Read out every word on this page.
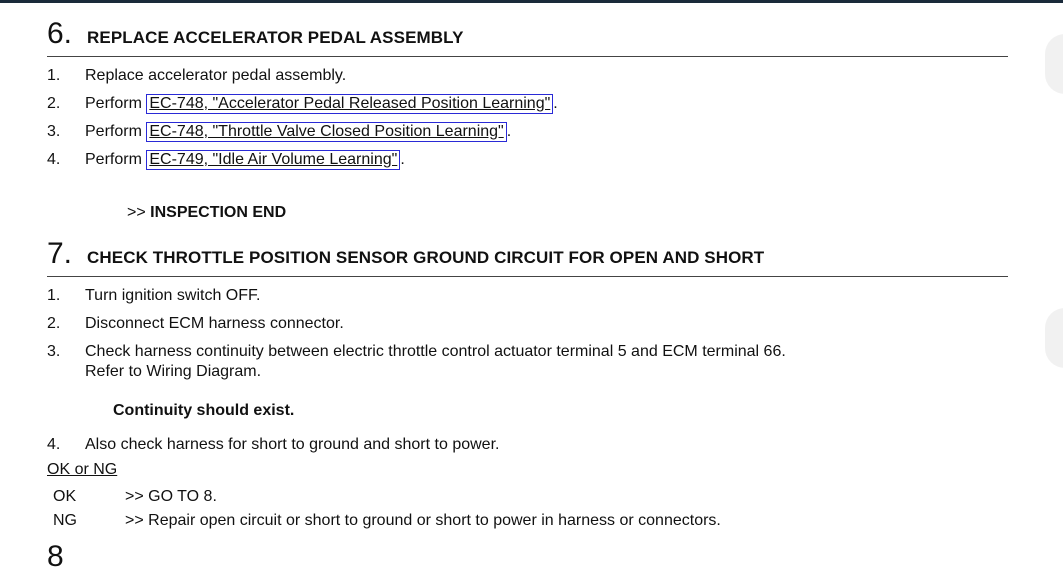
6. REPLACE ACCELERATOR PEDAL ASSEMBLY
1.	Replace accelerator pedal assembly.
2.	Perform EC-748, "Accelerator Pedal Released Position Learning" .
3.	Perform EC-748, "Throttle Valve Closed Position Learning" .
4.	Perform EC-749, "Idle Air Volume Learning" .
>> INSPECTION END
7. CHECK THROTTLE POSITION SENSOR GROUND CIRCUIT FOR OPEN AND SHORT
1.	Turn ignition switch OFF.
2.	Disconnect ECM harness connector.
3.	Check harness continuity between electric throttle control actuator terminal 5 and ECM terminal 66.
Refer to Wiring Diagram.
Continuity should exist.
4.	Also check harness for short to ground and short to power.
OK or NG
OK	>> GO TO 8.
NG	>> Repair open circuit or short to ground or short to power in harness or connectors.
8
